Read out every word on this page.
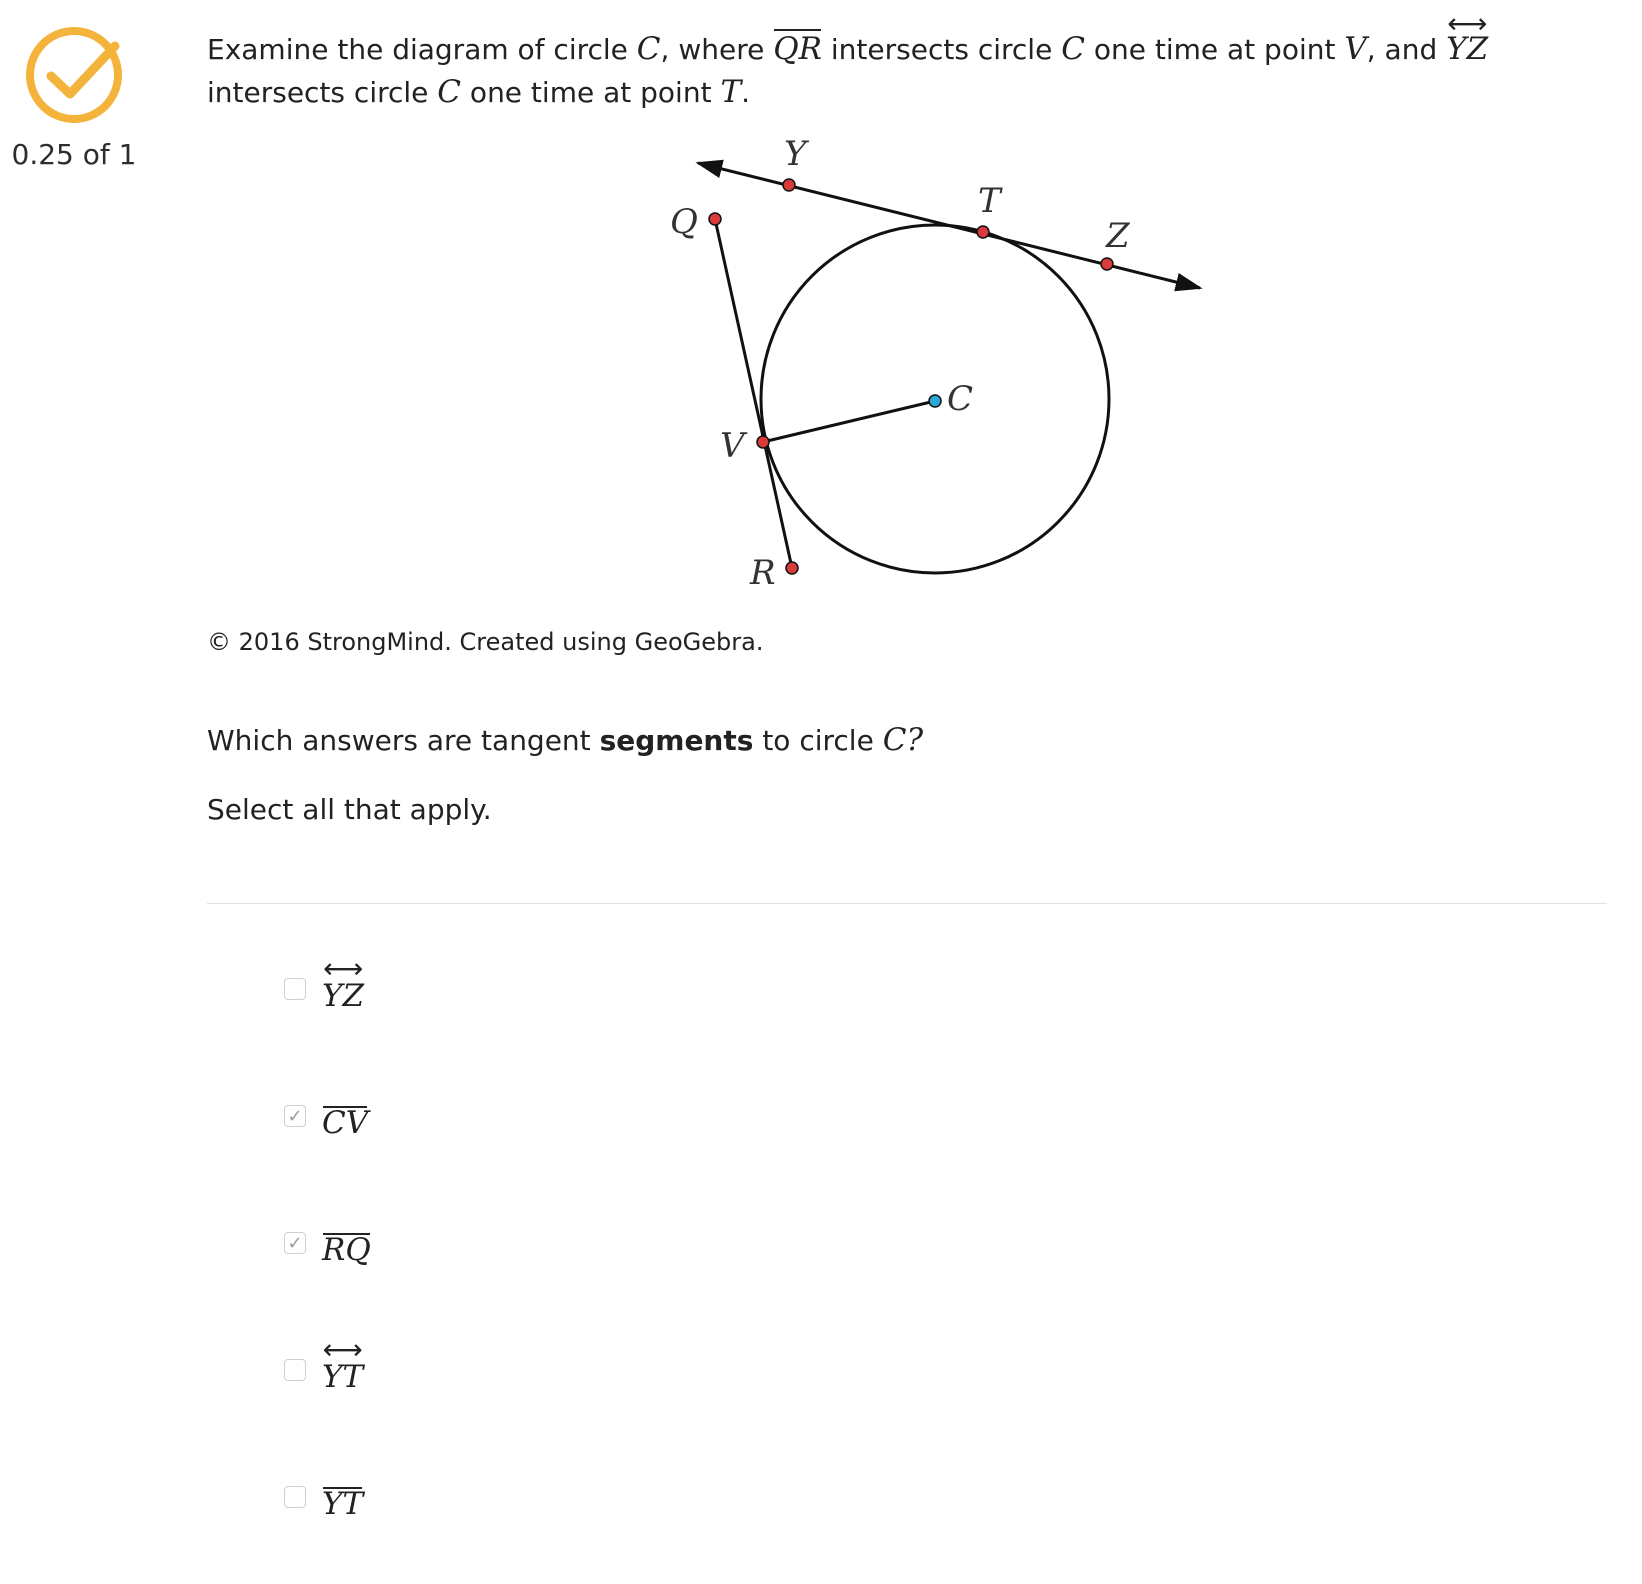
0.25 of 1
Examine the diagram of circle C, where QR intersects circle C one time at point V, and ⟷ YZ intersects circle C one time at point T.
Y
T
Z
Q
C
V
R
© 2016 StrongMind. Created using GeoGebra.
Which answers are tangent segments to circle C?
Select all that apply.
⟷ YZ
✓ CV
✓ RQ
⟷ YT
YT
